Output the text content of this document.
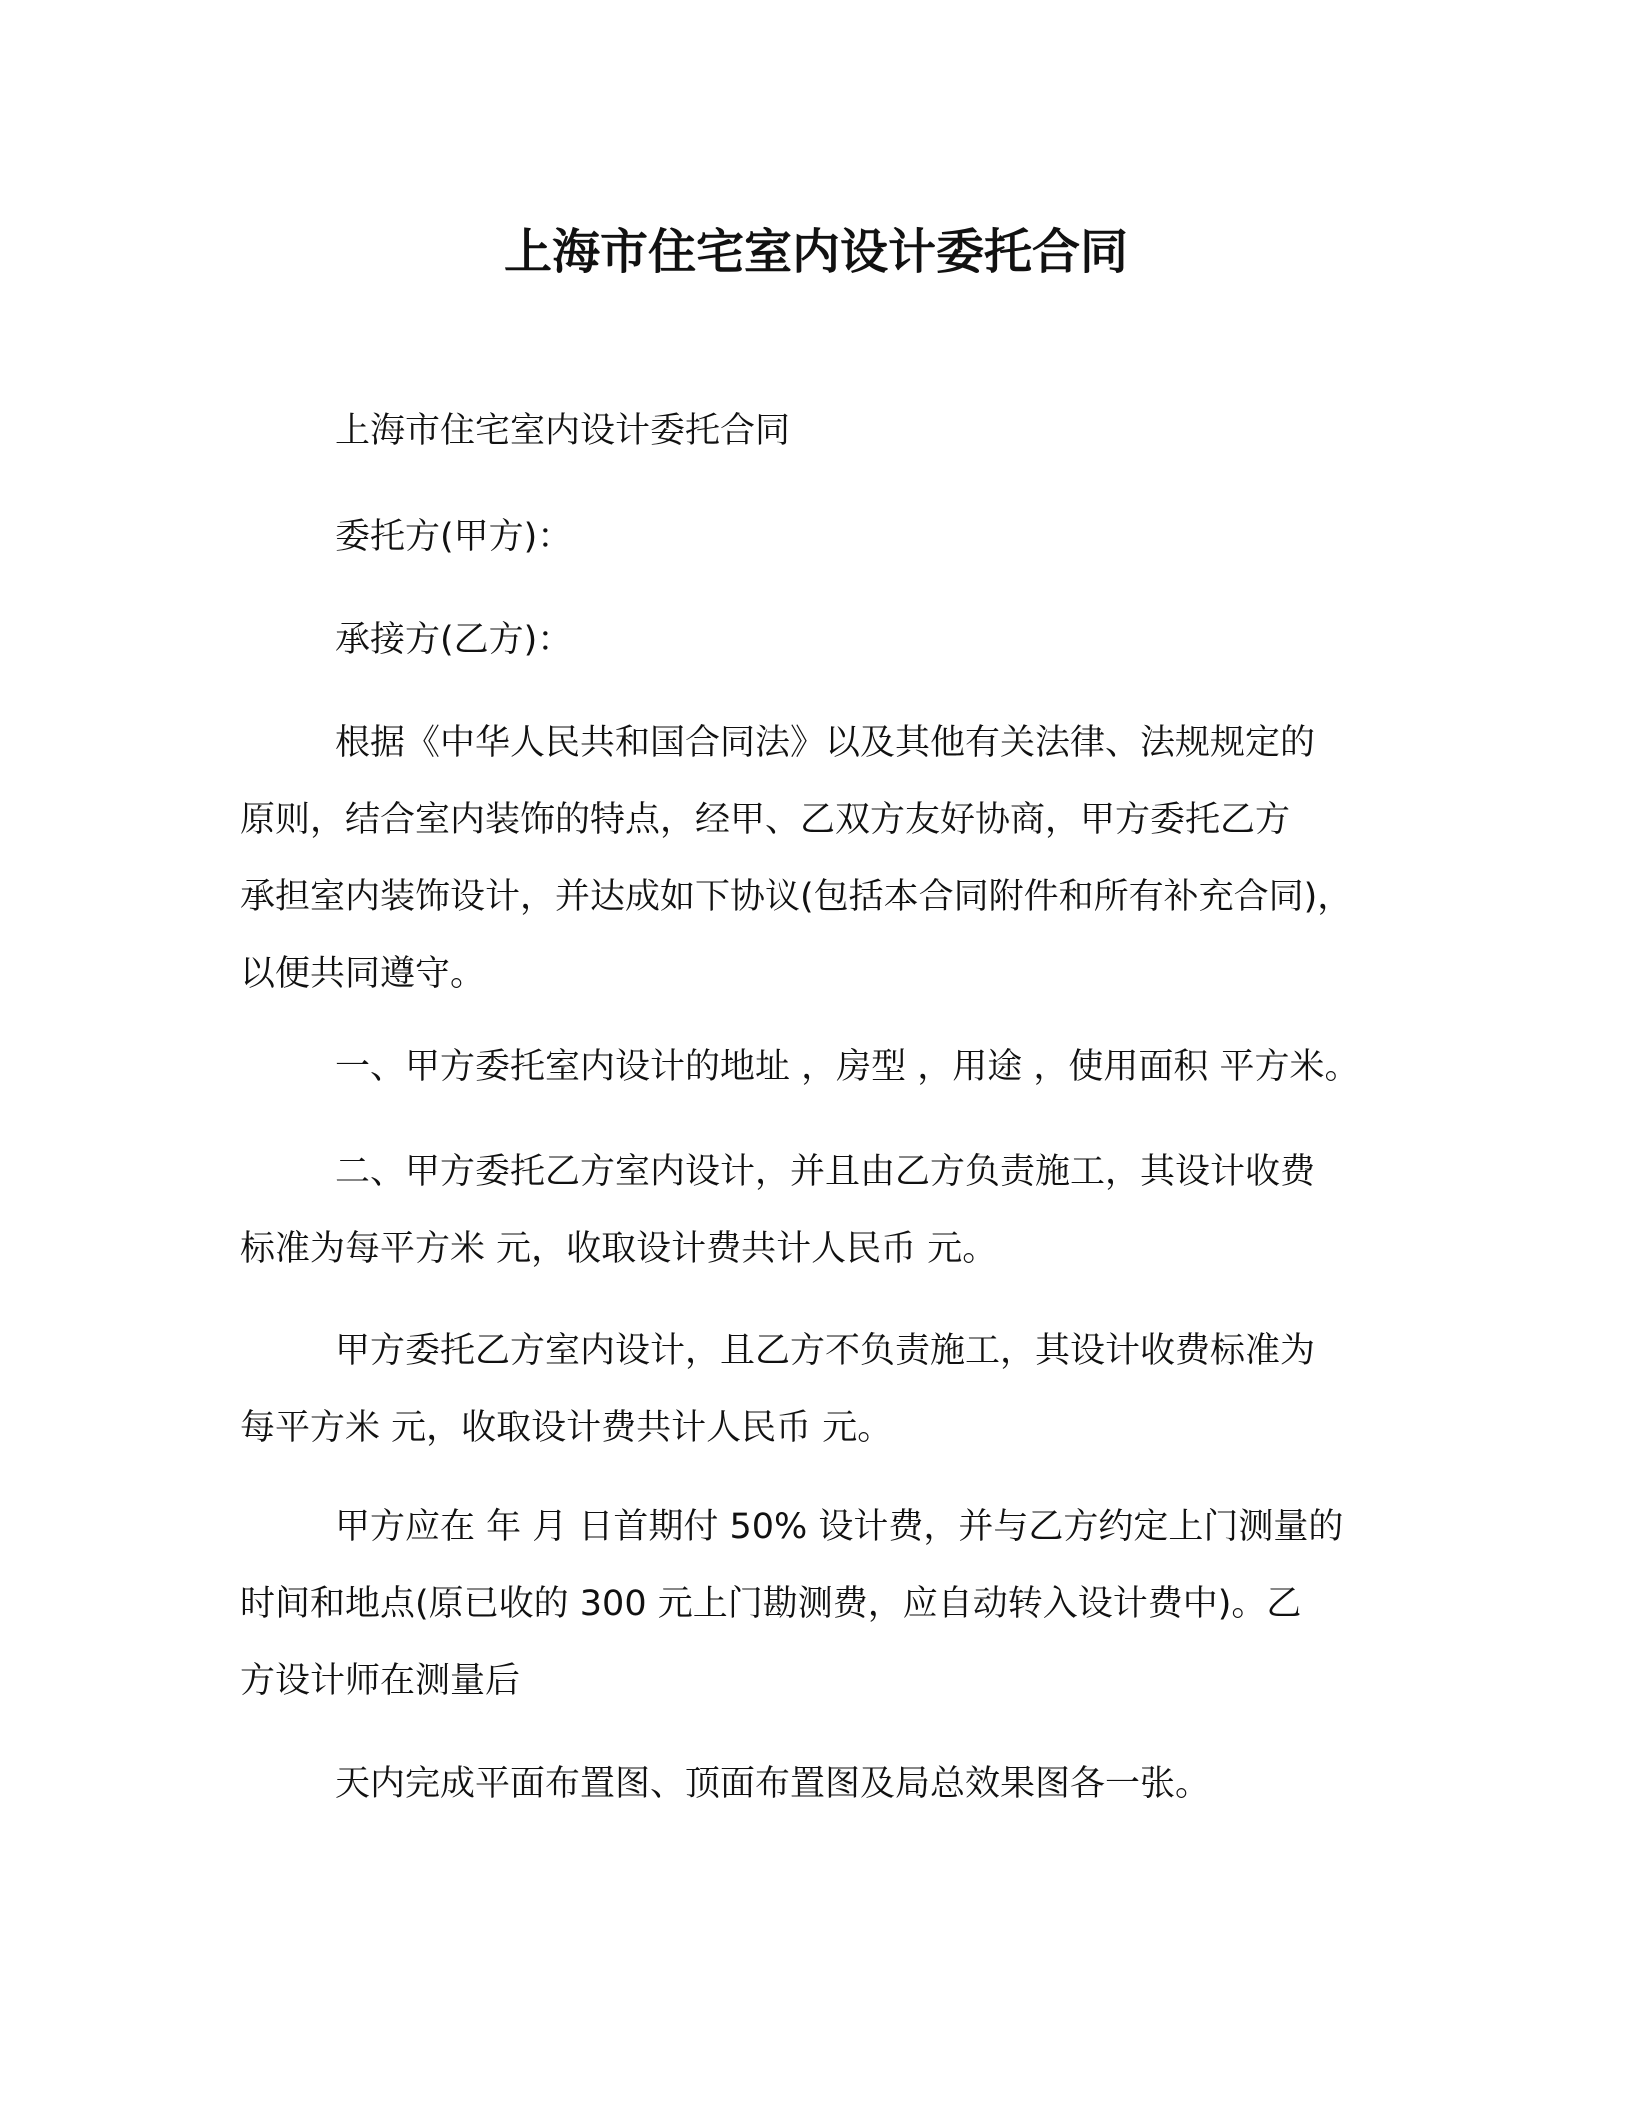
上海市住宅室内设计委托合同
上海市住宅室内设计委托合同
委托方(甲方)：
承接方(乙方)：
根据《中华人民共和国合同法》以及其他有关法律、法规规定的
原则，结合室内装饰的特点，经甲、乙双方友好协商，甲方委托乙方
承担室内装饰设计，并达成如下协议(包括本合同附件和所有补充合同)，
以便共同遵守。
一、甲方委托室内设计的地址 ，房型 ，用途 ，使用面积 平方米。
二、甲方委托乙方室内设计，并且由乙方负责施工，其设计收费
标准为每平方米 元，收取设计费共计人民币 元。
甲方委托乙方室内设计，且乙方不负责施工，其设计收费标准为
每平方米 元，收取设计费共计人民币 元。
甲方应在 年 月 日首期付 50% 设计费，并与乙方约定上门测量的
时间和地点(原已收的 300 元上门勘测费，应自动转入设计费中)。乙
方设计师在测量后
天内完成平面布置图、顶面布置图及局总效果图各一张。
